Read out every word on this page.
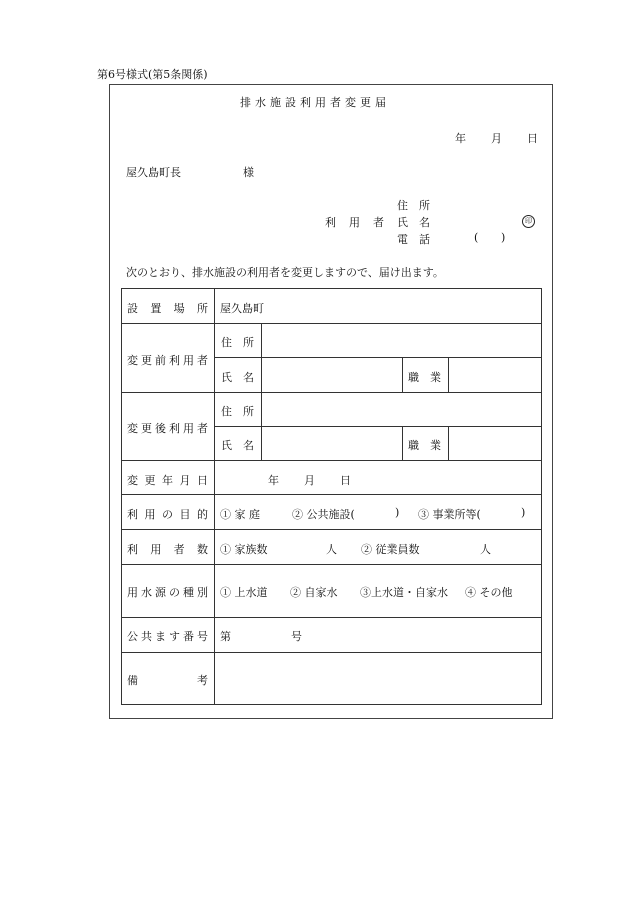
第6号様式(第5条関係)
排水施設利用者変更届
年 月 日
屋久島町長	様
住 所
利用者 氏 名	印
電 話	( )
次のとおり、排水施設の利用者を変更しますので、届け出ます。
設 置 場 所 屋久島町
変 更 前 利 用 者
住 所
氏 名	職 業
変 更 後 利 用 者
住 所
氏 名	職 業
変 更 年 月 日	年 月 日
利 用 の 目 的 ① 家 庭	② 公共施設(	) ③ 事業所等(	)
利 用 者 数 ① 家族数	人 ② 従業員数	人
用 水 源 の 種 別 ① 上水道 ② 自家水 ③上水道・自家水 ④ その他
公 共 ま す 番 号 第	号
備	考
